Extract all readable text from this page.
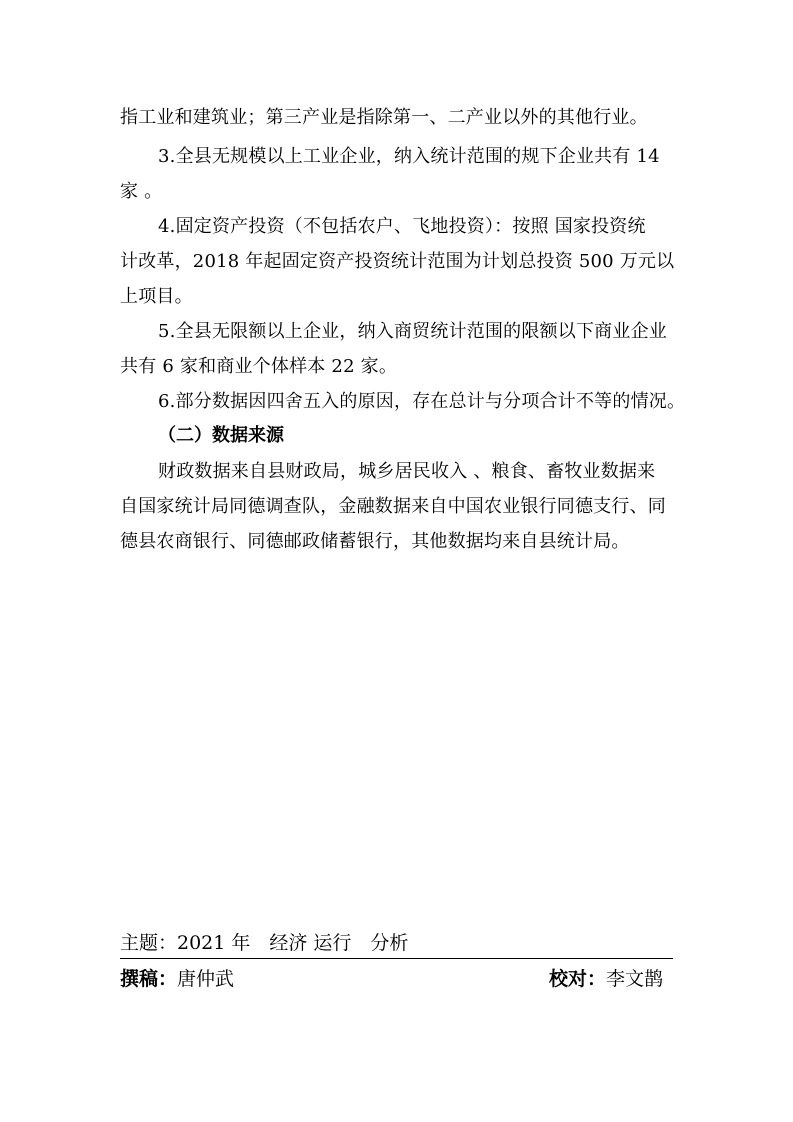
指工业和建筑业；第三产业是指除第一、二产业以外的其他行业。
3.全县无规模以上工业企业，纳入统计范围的规下企业共有 14
家 。
4.固定资产投资（不包括农户、飞地投资）：按照 国家投资统
计改革，2018 年起固定资产投资统计范围为计划总投资 500 万元以
上项目。
5.全县无限额以上企业，纳入商贸统计范围的限额以下商业企业
共有 6 家和商业个体样本 22 家。
6.部分数据因四舍五入的原因，存在总计与分项合计不等的情况。
（二）数据来源
财政数据来自县财政局，城乡居民收入 、粮食、畜牧业数据来
自国家统计局同德调查队，金融数据来自中国农业银行同德支行、同
德县农商银行、同德邮政储蓄银行，其他数据均来自县统计局。
主题：2021 年　经济 运行　分析
撰稿：唐仲武	校对：李文鹊
